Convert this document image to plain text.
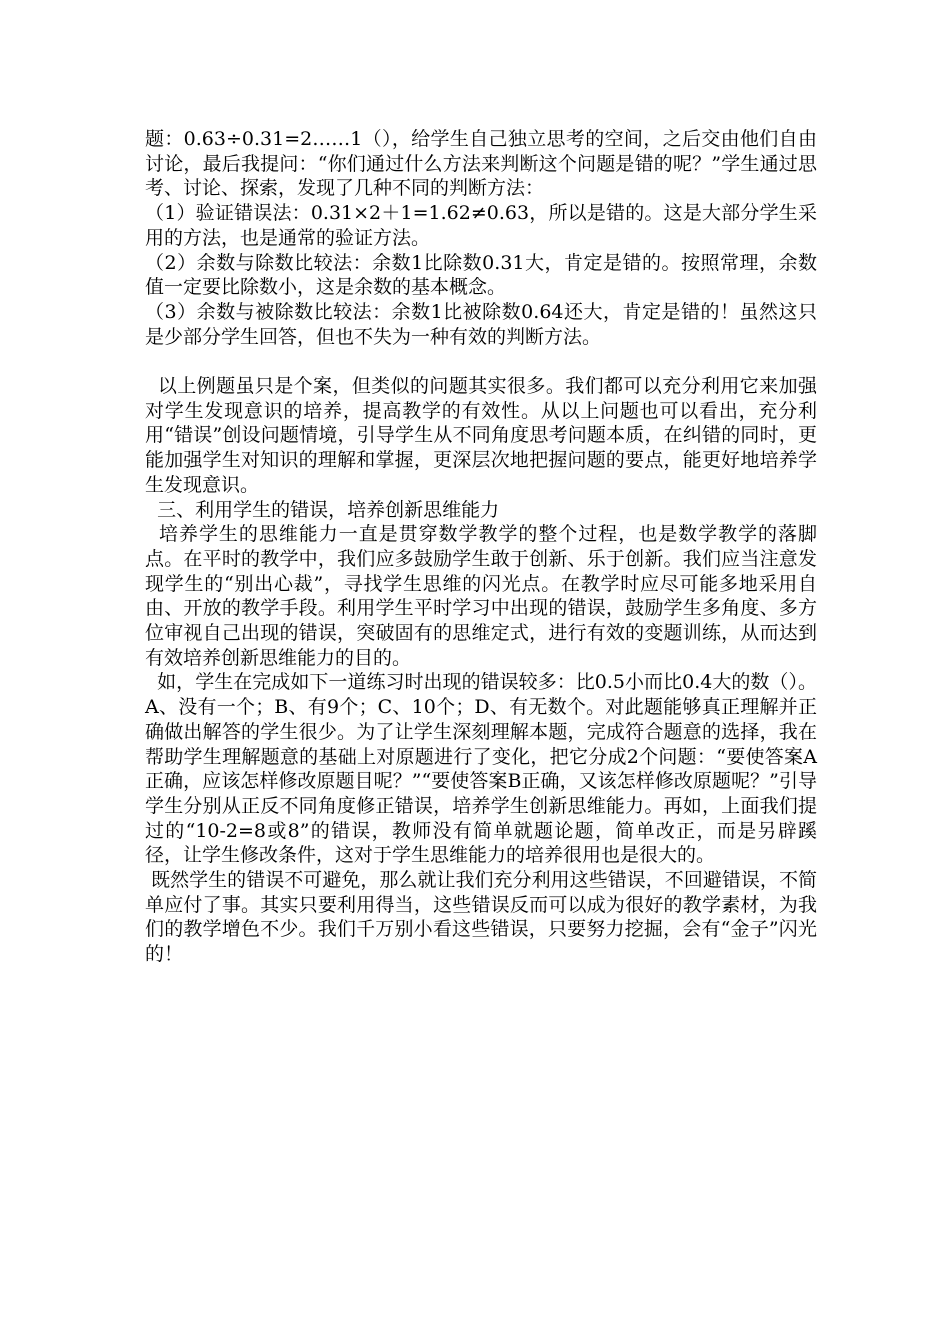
题：0.63÷0.31=2……1（），给学生自己独立思考的空间，之后交由他们自由讨论，最后我提问：“你们通过什么方法来判断这个问题是错的呢？”学生通过思考、讨论、探索，发现了几种不同的判断方法：

（1）验证错误法：0.31×2＋1=1.62≠0.63，所以是错的。这是大部分学生采用的方法，也是通常的验证方法。

（2）余数与除数比较法：余数1比除数0.31大，肯定是错的。按照常理，余数值一定要比除数小，这是余数的基本概念。

（3）余数与被除数比较法：余数1比被除数0.64还大，肯定是错的！虽然这只是少部分学生回答，但也不失为一种有效的判断方法。

以上例题虽只是个案，但类似的问题其实很多。我们都可以充分利用它来加强对学生发现意识的培养，提高教学的有效性。从以上问题也可以看出，充分利用“错误”创设问题情境，引导学生从不同角度思考问题本质，在纠错的同时，更能加强学生对知识的理解和掌握，更深层次地把握问题的要点，能更好地培养学生发现意识。

三、利用学生的错误，培养创新思维能力

培养学生的思维能力一直是贯穿数学教学的整个过程，也是数学教学的落脚点。在平时的教学中，我们应多鼓励学生敢于创新、乐于创新。我们应当注意发现学生的“别出心裁”，寻找学生思维的闪光点。在教学时应尽可能多地采用自由、开放的教学手段。利用学生平时学习中出现的错误，鼓励学生多角度、多方位审视自己出现的错误，突破固有的思维定式，进行有效的变题训练，从而达到有效培养创新思维能力的目的。

如，学生在完成如下一道练习时出现的错误较多：比0.5小而比0.4大的数（）。A、没有一个；B、有9个；C、10个；D、有无数个。对此题能够真正理解并正确做出解答的学生很少。为了让学生深刻理解本题，完成符合题意的选择，我在帮助学生理解题意的基础上对原题进行了变化，把它分成2个问题：“要使答案A正确，应该怎样修改原题目呢？”“要使答案B正确，又该怎样修改原题呢？”引导学生分别从正反不同角度修正错误，培养学生创新思维能力。再如，上面我们提过的“10-2=8或8”的错误，教师没有简单就题论题，简单改正，而是另辟蹊径，让学生修改条件，这对于学生思维能力的培养很用也是很大的。

既然学生的错误不可避免，那么就让我们充分利用这些错误，不回避错误，不简单应付了事。其实只要利用得当，这些错误反而可以成为很好的教学素材，为我们的教学增色不少。我们千万别小看这些错误，只要努力挖掘，会有“金子”闪光的！
